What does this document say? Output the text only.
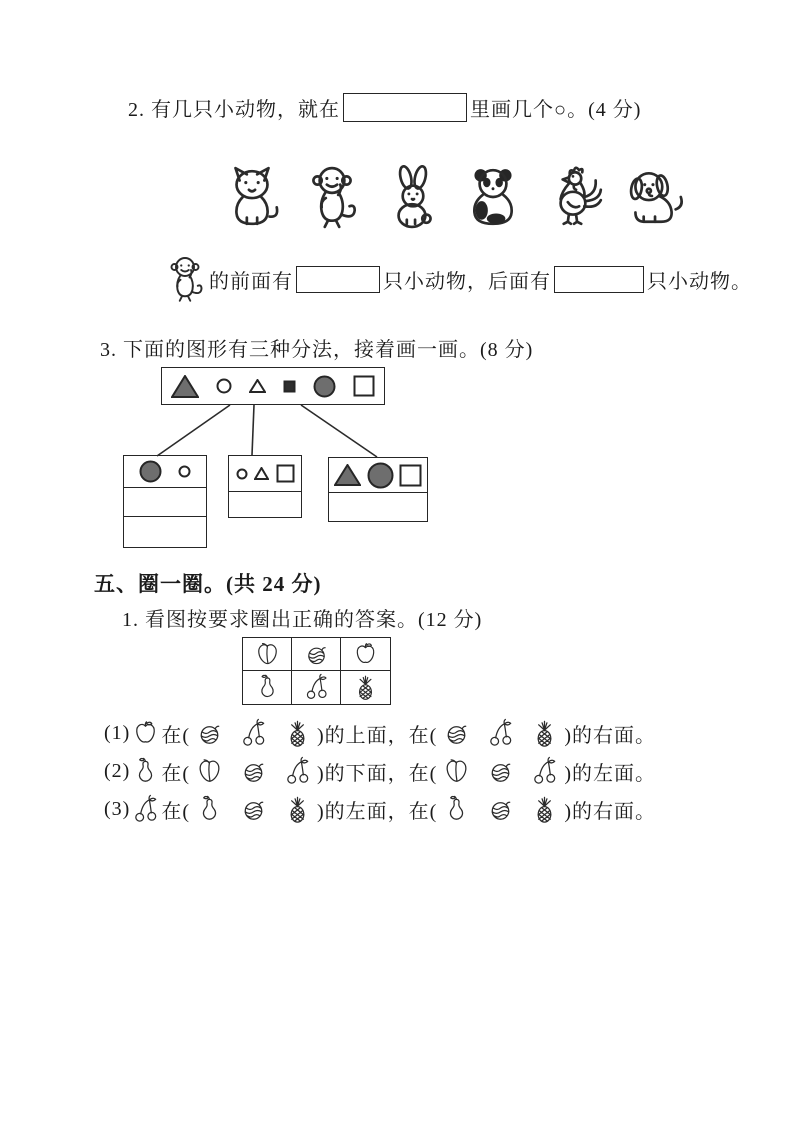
2. 有几只小动物，就在	里画几个○。(4 分)
的前面有	只小动物，后面有	只小动物。
3. 下面的图形有三种分法，接着画一画。(8 分)
五、圈一圈。(共 24 分)
1. 看图按要求圈出正确的答案。(12 分)
(1) 在(	)的上面，在(	)的右面。
(2) 在(	)的下面，在(	)的左面。
(3) 在(	)的左面，在(	)的右面。
